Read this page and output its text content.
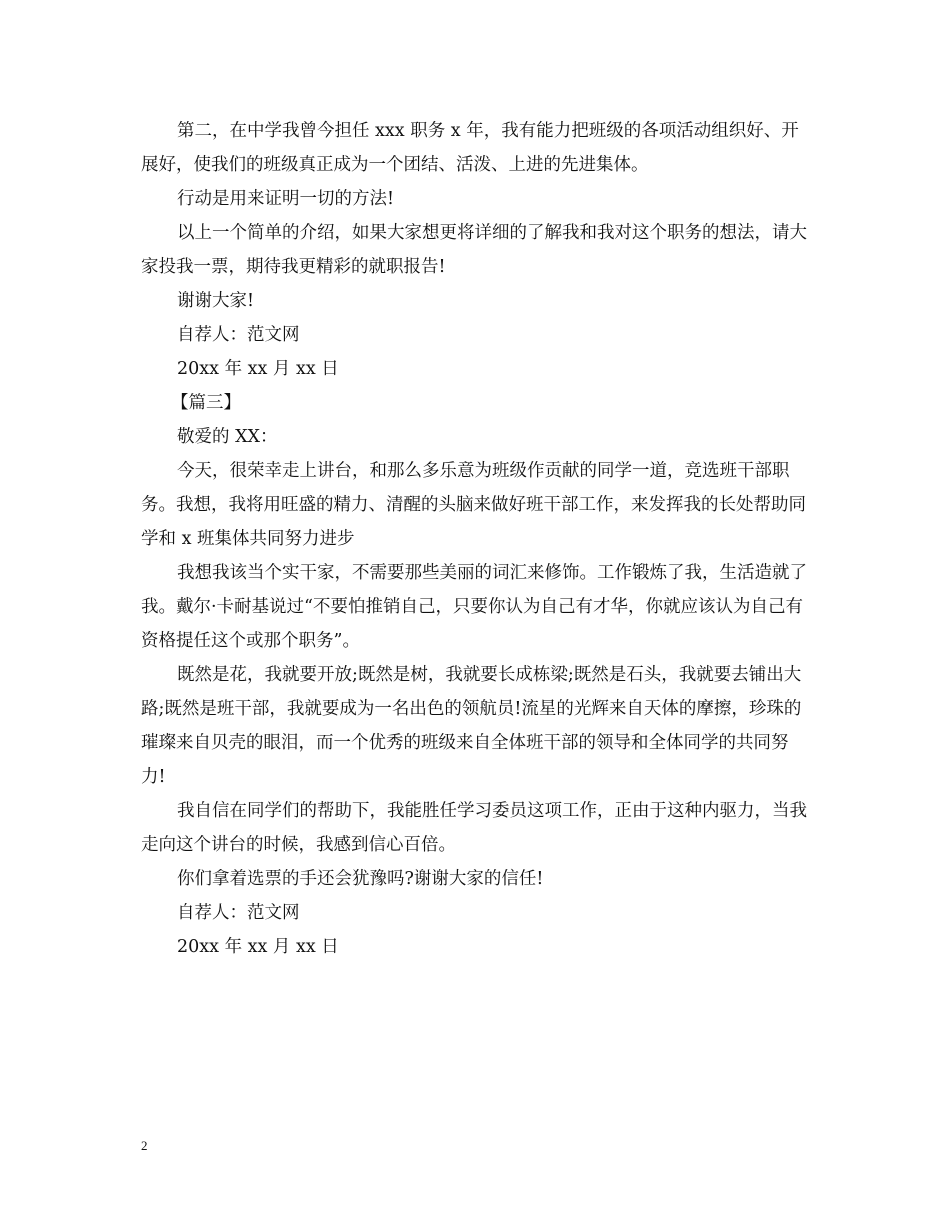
第二，在中学我曾今担任 xxx 职务 x 年，我有能力把班级的各项活动组织好、开展好，使我们的班级真正成为一个团结、活泼、上进的先进集体。

行动是用来证明一切的方法!

以上一个简单的介绍，如果大家想更将详细的了解我和我对这个职务的想法，请大家投我一票，期待我更精彩的就职报告!

谢谢大家!

自荐人：范文网

20xx 年 xx 月 xx 日

【篇三】

敬爱的 XX：

今天，很荣幸走上讲台，和那么多乐意为班级作贡献的同学一道，竞选班干部职务。我想，我将用旺盛的精力、清醒的头脑来做好班干部工作，来发挥我的长处帮助同学和 x 班集体共同努力进步

我想我该当个实干家，不需要那些美丽的词汇来修饰。工作锻炼了我，生活造就了我。戴尔·卡耐基说过“不要怕推销自己，只要你认为自己有才华，你就应该认为自己有资格提任这个或那个职务”。

既然是花，我就要开放;既然是树，我就要长成栋梁;既然是石头，我就要去铺出大路;既然是班干部，我就要成为一名出色的领航员!流星的光辉来自天体的摩擦，珍珠的璀璨来自贝壳的眼泪，而一个优秀的班级来自全体班干部的领导和全体同学的共同努力!

我自信在同学们的帮助下，我能胜任学习委员这项工作，正由于这种内驱力，当我走向这个讲台的时候，我感到信心百倍。

你们拿着选票的手还会犹豫吗?谢谢大家的信任!

自荐人：范文网

20xx 年 xx 月 xx 日

2
